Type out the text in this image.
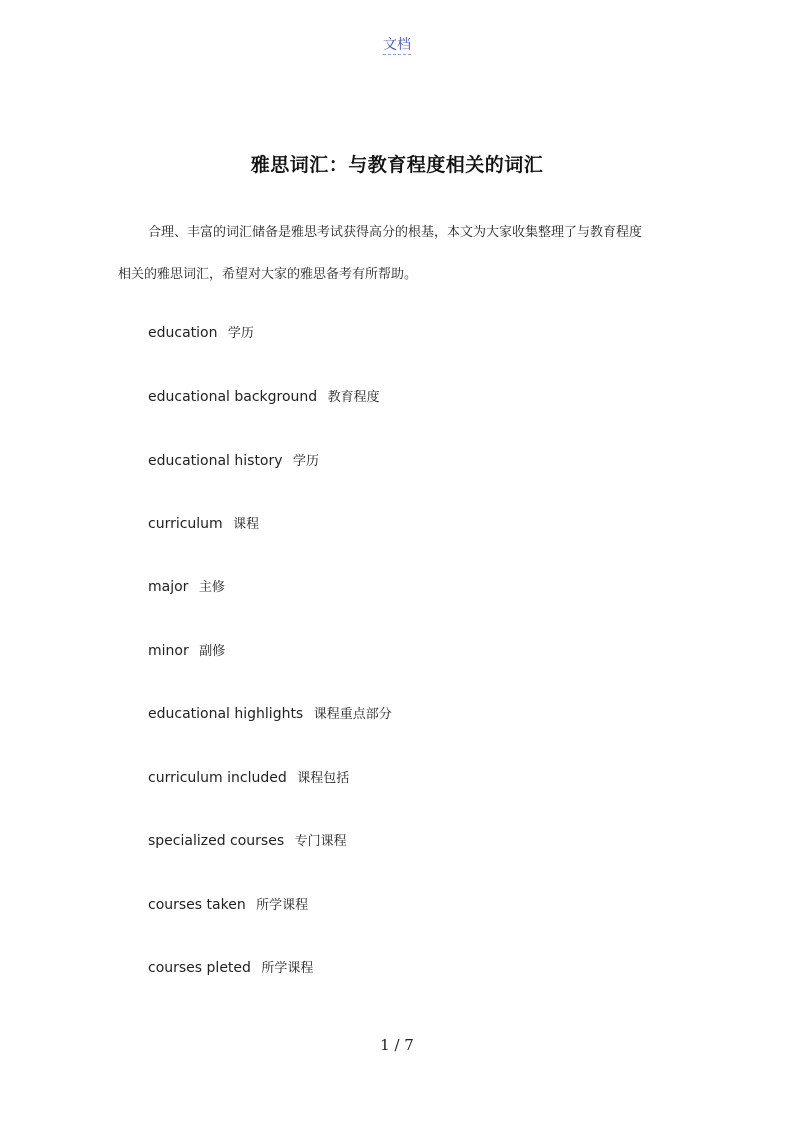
文档
雅思词汇：与教育程度相关的词汇
合理、丰富的词汇储备是雅思考试获得高分的根基，本文为大家收集整理了与教育程度
相关的雅思词汇，希望对大家的雅思备考有所帮助。
education 学历
educational background 教育程度
educational history 学历
curriculum 课程
major 主修
minor 副修
educational highlights 课程重点部分
curriculum included 课程包括
specialized courses 专门课程
courses taken 所学课程
courses pleted 所学课程
1 / 7
